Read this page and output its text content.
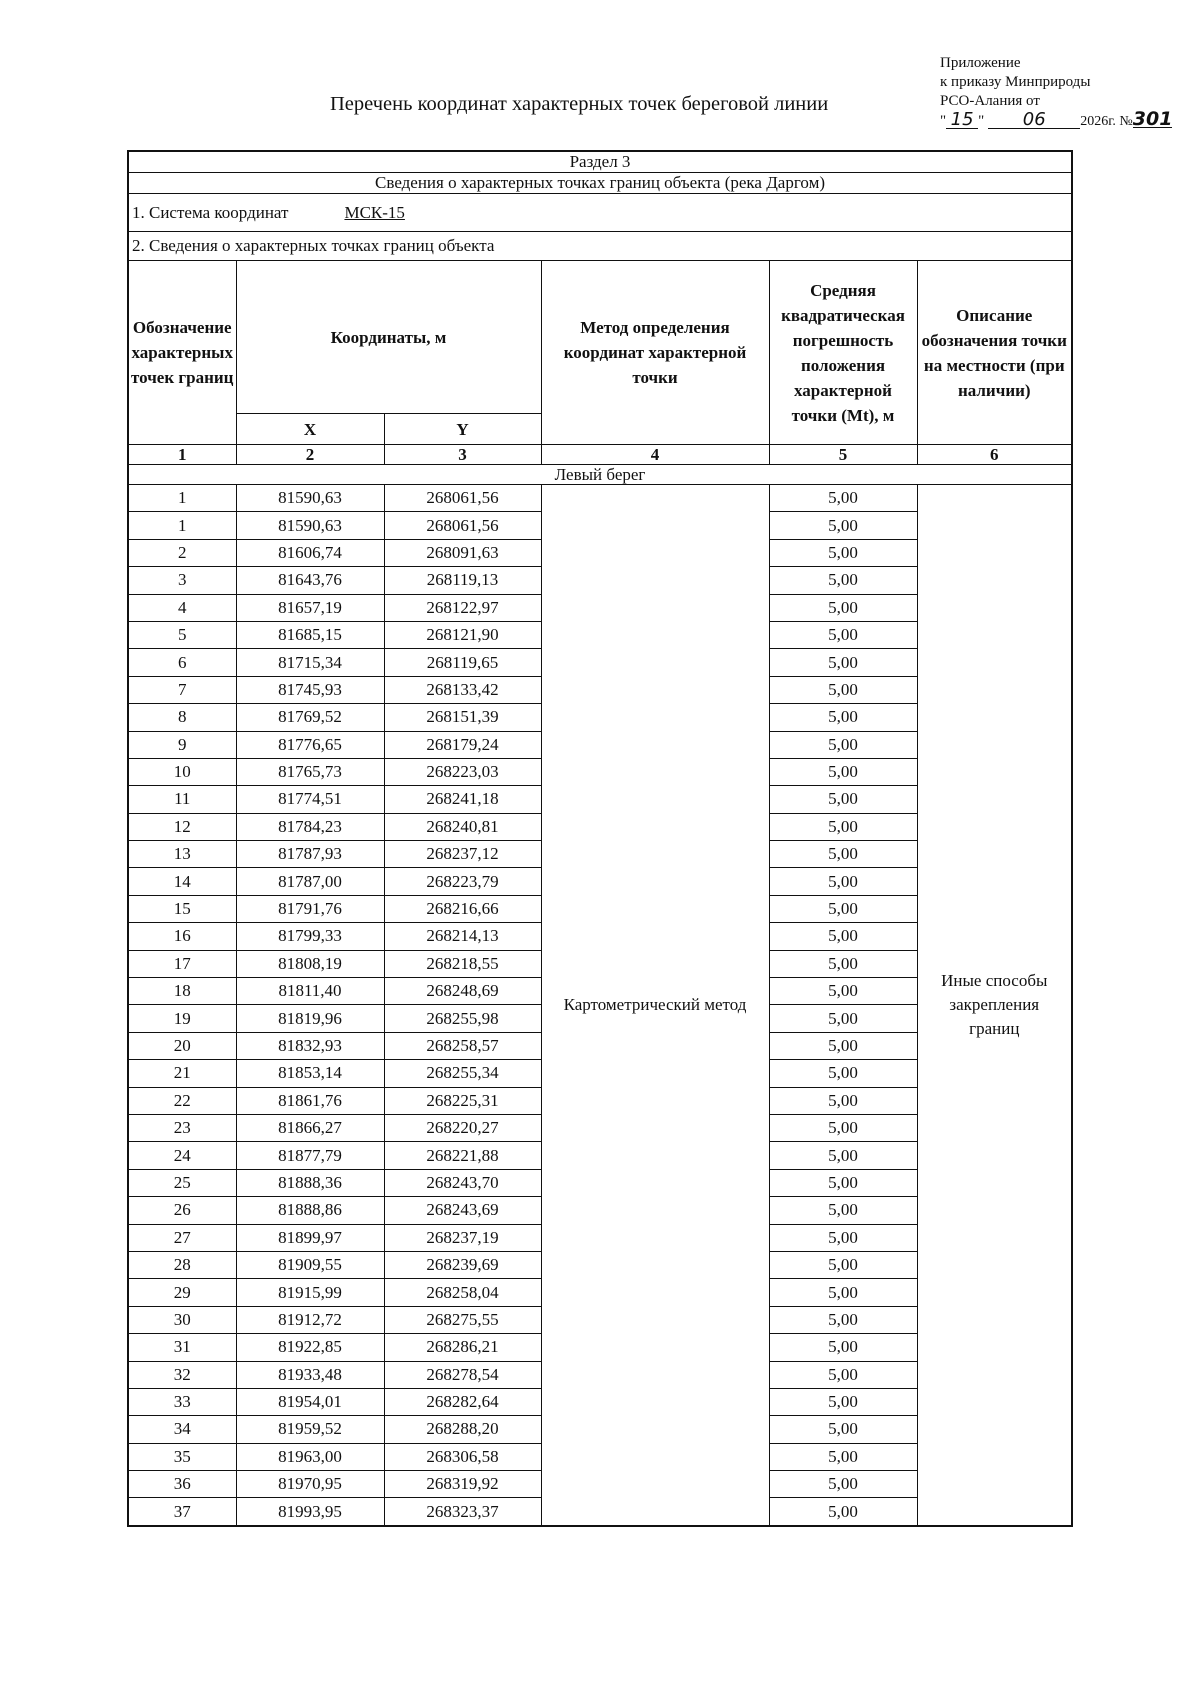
Приложение
к приказу Минприроды
РСО-Алания от
" 15 " 06 2026г. №301
Перечень координат характерных точек береговой линии
Раздел 3					
Сведения о характерных точках границ объекта (река Даргом)					
1. Система координат МСК-15					
2. Сведения о характерных точках границ объекта					
Обозначение характерных точек границ	Координаты, м		Метод определения координат характерной точки	Средняя квадратическая погрешность положения характерной точки (Mt), м	Описание обозначения точки на местности (при наличии)
	X	Y			
1	2	3	4	5	6
Левый берег					
1	81590,63	268061,56	Картометрический метод	5,00	Иные способы закрепления границ
1	81590,63	268061,56		5,00	
2	81606,74	268091,63		5,00	
3	81643,76	268119,13		5,00	
4	81657,19	268122,97		5,00	
5	81685,15	268121,90		5,00	
6	81715,34	268119,65		5,00	
7	81745,93	268133,42		5,00	
8	81769,52	268151,39		5,00	
9	81776,65	268179,24		5,00	
10	81765,73	268223,03		5,00	
11	81774,51	268241,18		5,00	
12	81784,23	268240,81		5,00	
13	81787,93	268237,12		5,00	
14	81787,00	268223,79		5,00	
15	81791,76	268216,66		5,00	
16	81799,33	268214,13		5,00	
17	81808,19	268218,55		5,00	
18	81811,40	268248,69		5,00	
19	81819,96	268255,98		5,00	
20	81832,93	268258,57		5,00	
21	81853,14	268255,34		5,00	
22	81861,76	268225,31		5,00	
23	81866,27	268220,27		5,00	
24	81877,79	268221,88		5,00	
25	81888,36	268243,70		5,00	
26	81888,86	268243,69		5,00	
27	81899,97	268237,19		5,00	
28	81909,55	268239,69		5,00	
29	81915,99	268258,04		5,00	
30	81912,72	268275,55		5,00	
31	81922,85	268286,21		5,00	
32	81933,48	268278,54		5,00	
33	81954,01	268282,64		5,00	
34	81959,52	268288,20		5,00	
35	81963,00	268306,58		5,00	
36	81970,95	268319,92		5,00	
37	81993,95	268323,37		5,00	
